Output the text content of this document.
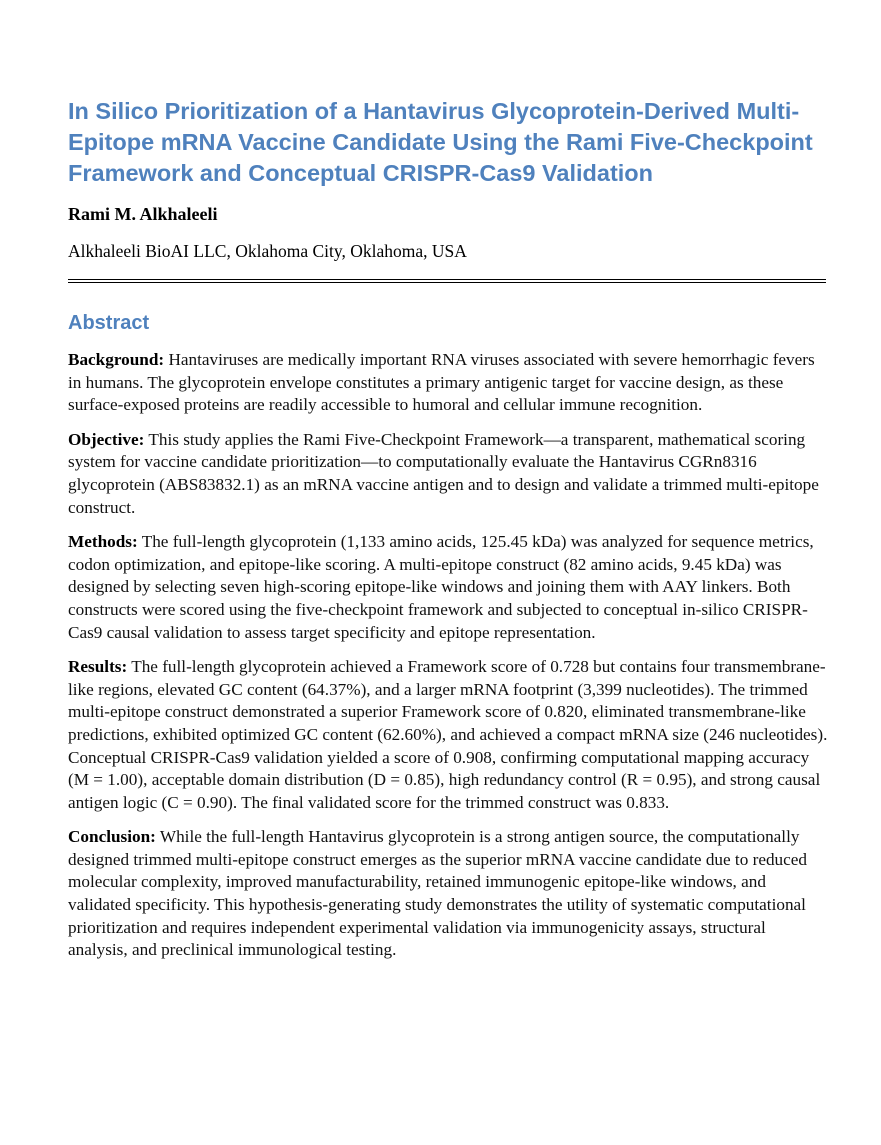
In Silico Prioritization of a Hantavirus Glycoprotein-Derived Multi-Epitope mRNA Vaccine Candidate Using the Rami Five-Checkpoint Framework and Conceptual CRISPR-Cas9 Validation

Rami M. Alkhaleeli

Alkhaleeli BioAI LLC, Oklahoma City, Oklahoma, USA

Abstract

Background: Hantaviruses are medically important RNA viruses associated with severe hemorrhagic fevers in humans. The glycoprotein envelope constitutes a primary antigenic target for vaccine design, as these surface-exposed proteins are readily accessible to humoral and cellular immune recognition.

Objective: This study applies the Rami Five-Checkpoint Framework—a transparent, mathematical scoring system for vaccine candidate prioritization—to computationally evaluate the Hantavirus CGRn8316 glycoprotein (ABS83832.1) as an mRNA vaccine antigen and to design and validate a trimmed multi-epitope construct.

Methods: The full-length glycoprotein (1,133 amino acids, 125.45 kDa) was analyzed for sequence metrics, codon optimization, and epitope-like scoring. A multi-epitope construct (82 amino acids, 9.45 kDa) was designed by selecting seven high-scoring epitope-like windows and joining them with AAY linkers. Both constructs were scored using the five-checkpoint framework and subjected to conceptual in-silico CRISPR-Cas9 causal validation to assess target specificity and epitope representation.

Results: The full-length glycoprotein achieved a Framework score of 0.728 but contains four transmembrane-like regions, elevated GC content (64.37%), and a larger mRNA footprint (3,399 nucleotides). The trimmed multi-epitope construct demonstrated a superior Framework score of 0.820, eliminated transmembrane-like predictions, exhibited optimized GC content (62.60%), and achieved a compact mRNA size (246 nucleotides). Conceptual CRISPR-Cas9 validation yielded a score of 0.908, confirming computational mapping accuracy (M = 1.00), acceptable domain distribution (D = 0.85), high redundancy control (R = 0.95), and strong causal antigen logic (C = 0.90). The final validated score for the trimmed construct was 0.833.

Conclusion: While the full-length Hantavirus glycoprotein is a strong antigen source, the computationally designed trimmed multi-epitope construct emerges as the superior mRNA vaccine candidate due to reduced molecular complexity, improved manufacturability, retained immunogenic epitope-like windows, and validated specificity. This hypothesis-generating study demonstrates the utility of systematic computational prioritization and requires independent experimental validation via immunogenicity assays, structural analysis, and preclinical immunological testing.
